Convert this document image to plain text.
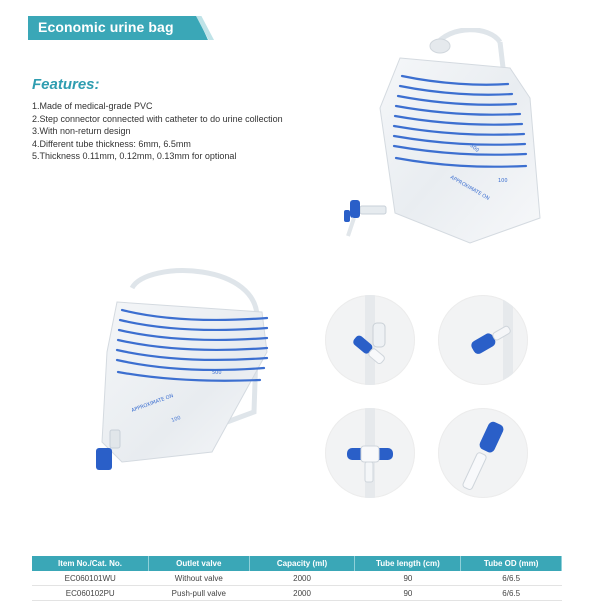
Economic urine bag
Features:
1.Made of medical-grade PVC
2.Step connector connected with catheter to do urine collection
3.With non-return design
4.Different tube thickness: 6mm, 6.5mm
5.Thickness 0.11mm, 0.12mm, 0.13mm for optional
APPROXIMATE ON
500
100
APPROXIMATE ON
500
100
Item No./Cat. No.	Outlet valve	Capacity (ml)	Tube length (cm)	Tube OD (mm)
EC060101WU	Without valve	2000	90	6/6.5
EC060102PU	Push-pull valve	2000	90	6/6.5
